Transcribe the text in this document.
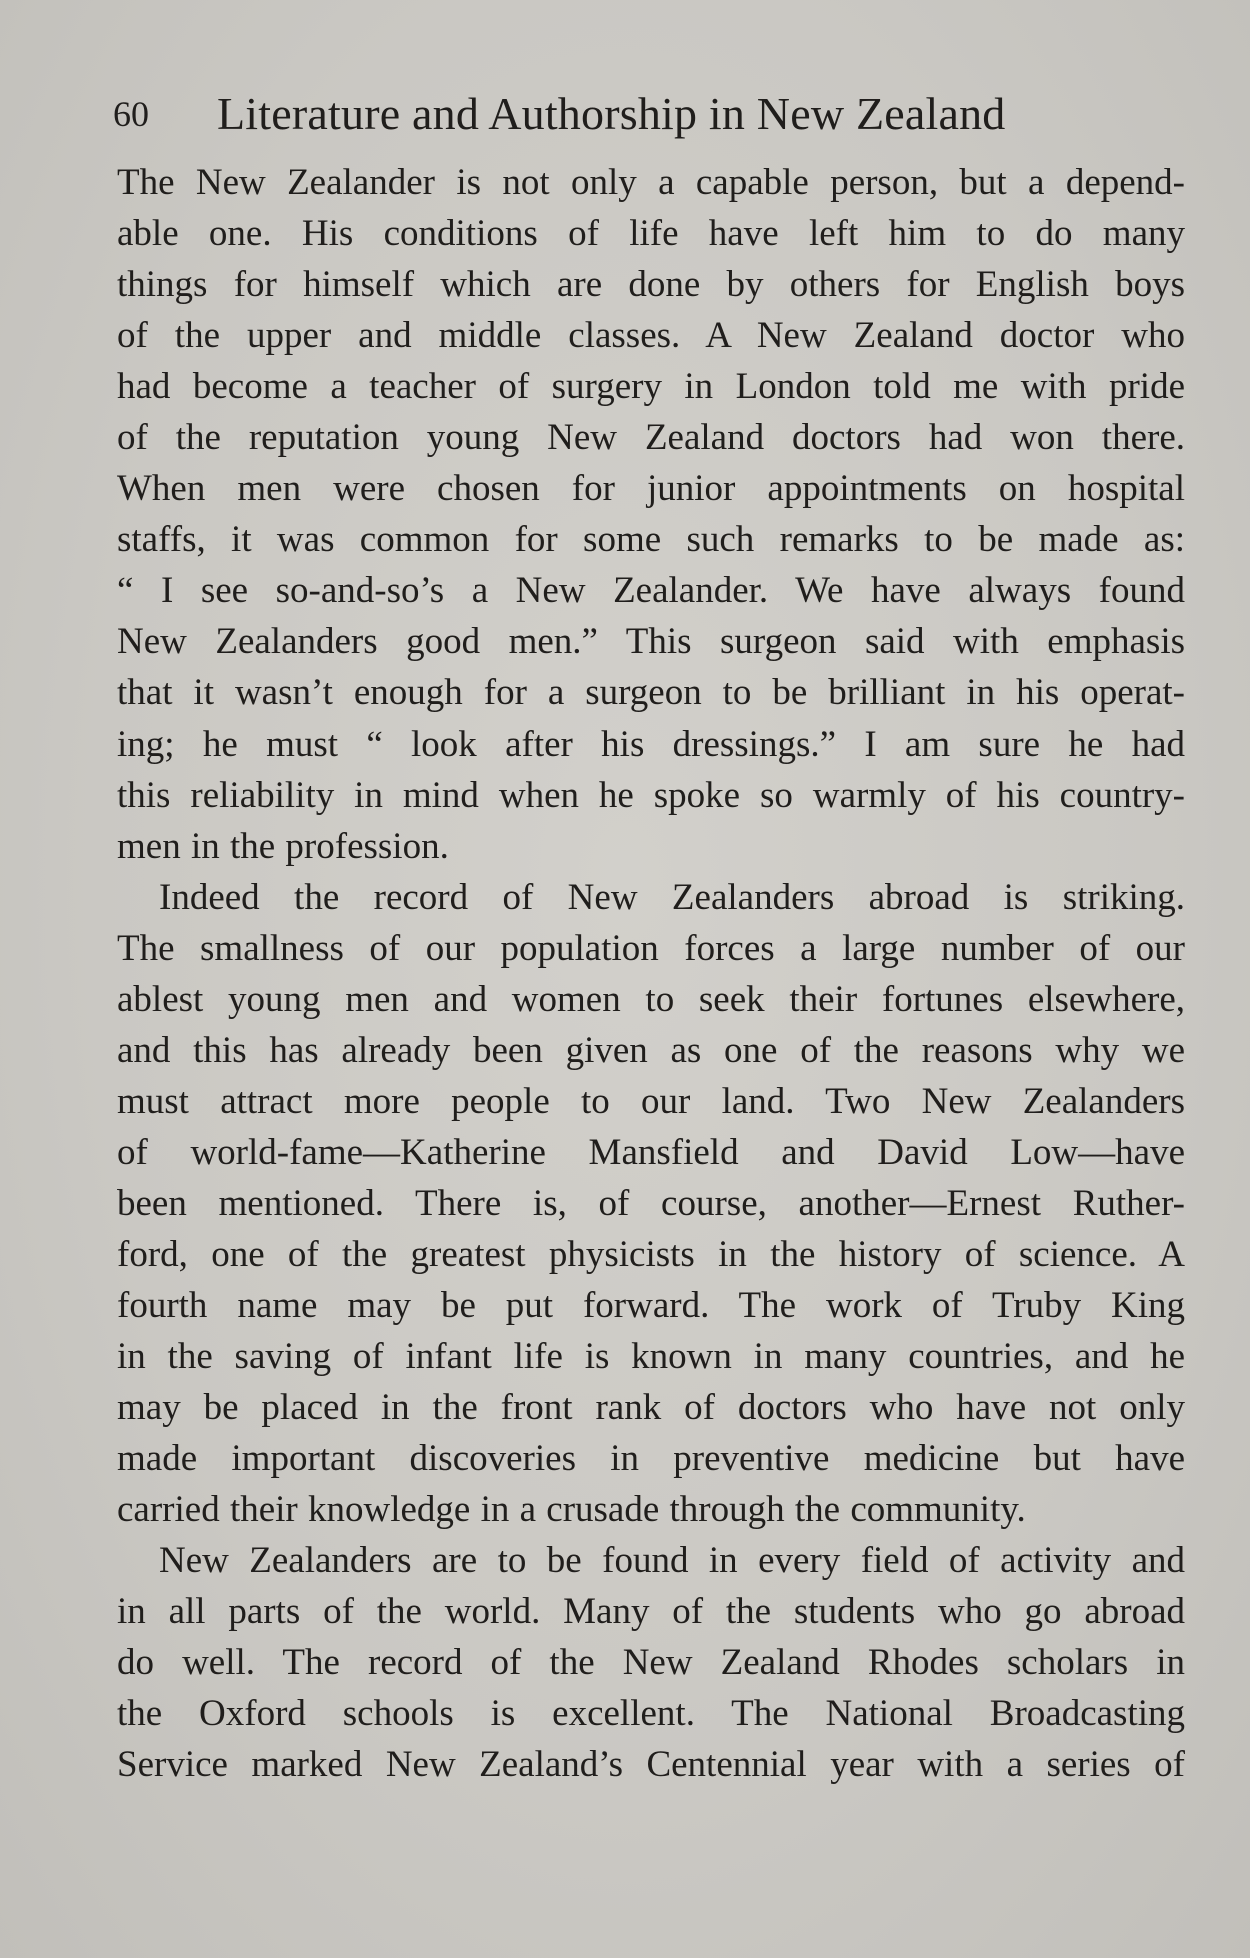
60 Literature and Authorship in New Zealand
The New Zealander is not only a capable person, but a depend-
able one. His conditions of life have left him to do many
things for himself which are done by others for English boys
of the upper and middle classes. A New Zealand doctor who
had become a teacher of surgery in London told me with pride
of the reputation young New Zealand doctors had won there.
When men were chosen for junior appointments on hospital
staffs, it was common for some such remarks to be made as:
“ I see so-and-so’s a New Zealander. We have always found
New Zealanders good men.” This surgeon said with emphasis
that it wasn’t enough for a surgeon to be brilliant in his operat-
ing; he must “ look after his dressings.” I am sure he had
this reliability in mind when he spoke so warmly of his country-
men in the profession.
Indeed the record of New Zealanders abroad is striking.
The smallness of our population forces a large number of our
ablest young men and women to seek their fortunes elsewhere,
and this has already been given as one of the reasons why we
must attract more people to our land. Two New Zealanders
of world-fame—Katherine Mansfield and David Low—have
been mentioned. There is, of course, another—Ernest Ruther-
ford, one of the greatest physicists in the history of science. A
fourth name may be put forward. The work of Truby King
in the saving of infant life is known in many countries, and he
may be placed in the front rank of doctors who have not only
made important discoveries in preventive medicine but have
carried their knowledge in a crusade through the community.
New Zealanders are to be found in every field of activity and
in all parts of the world. Many of the students who go abroad
do well. The record of the New Zealand Rhodes scholars in
the Oxford schools is excellent. The National Broadcasting
Service marked New Zealand’s Centennial year with a series of
